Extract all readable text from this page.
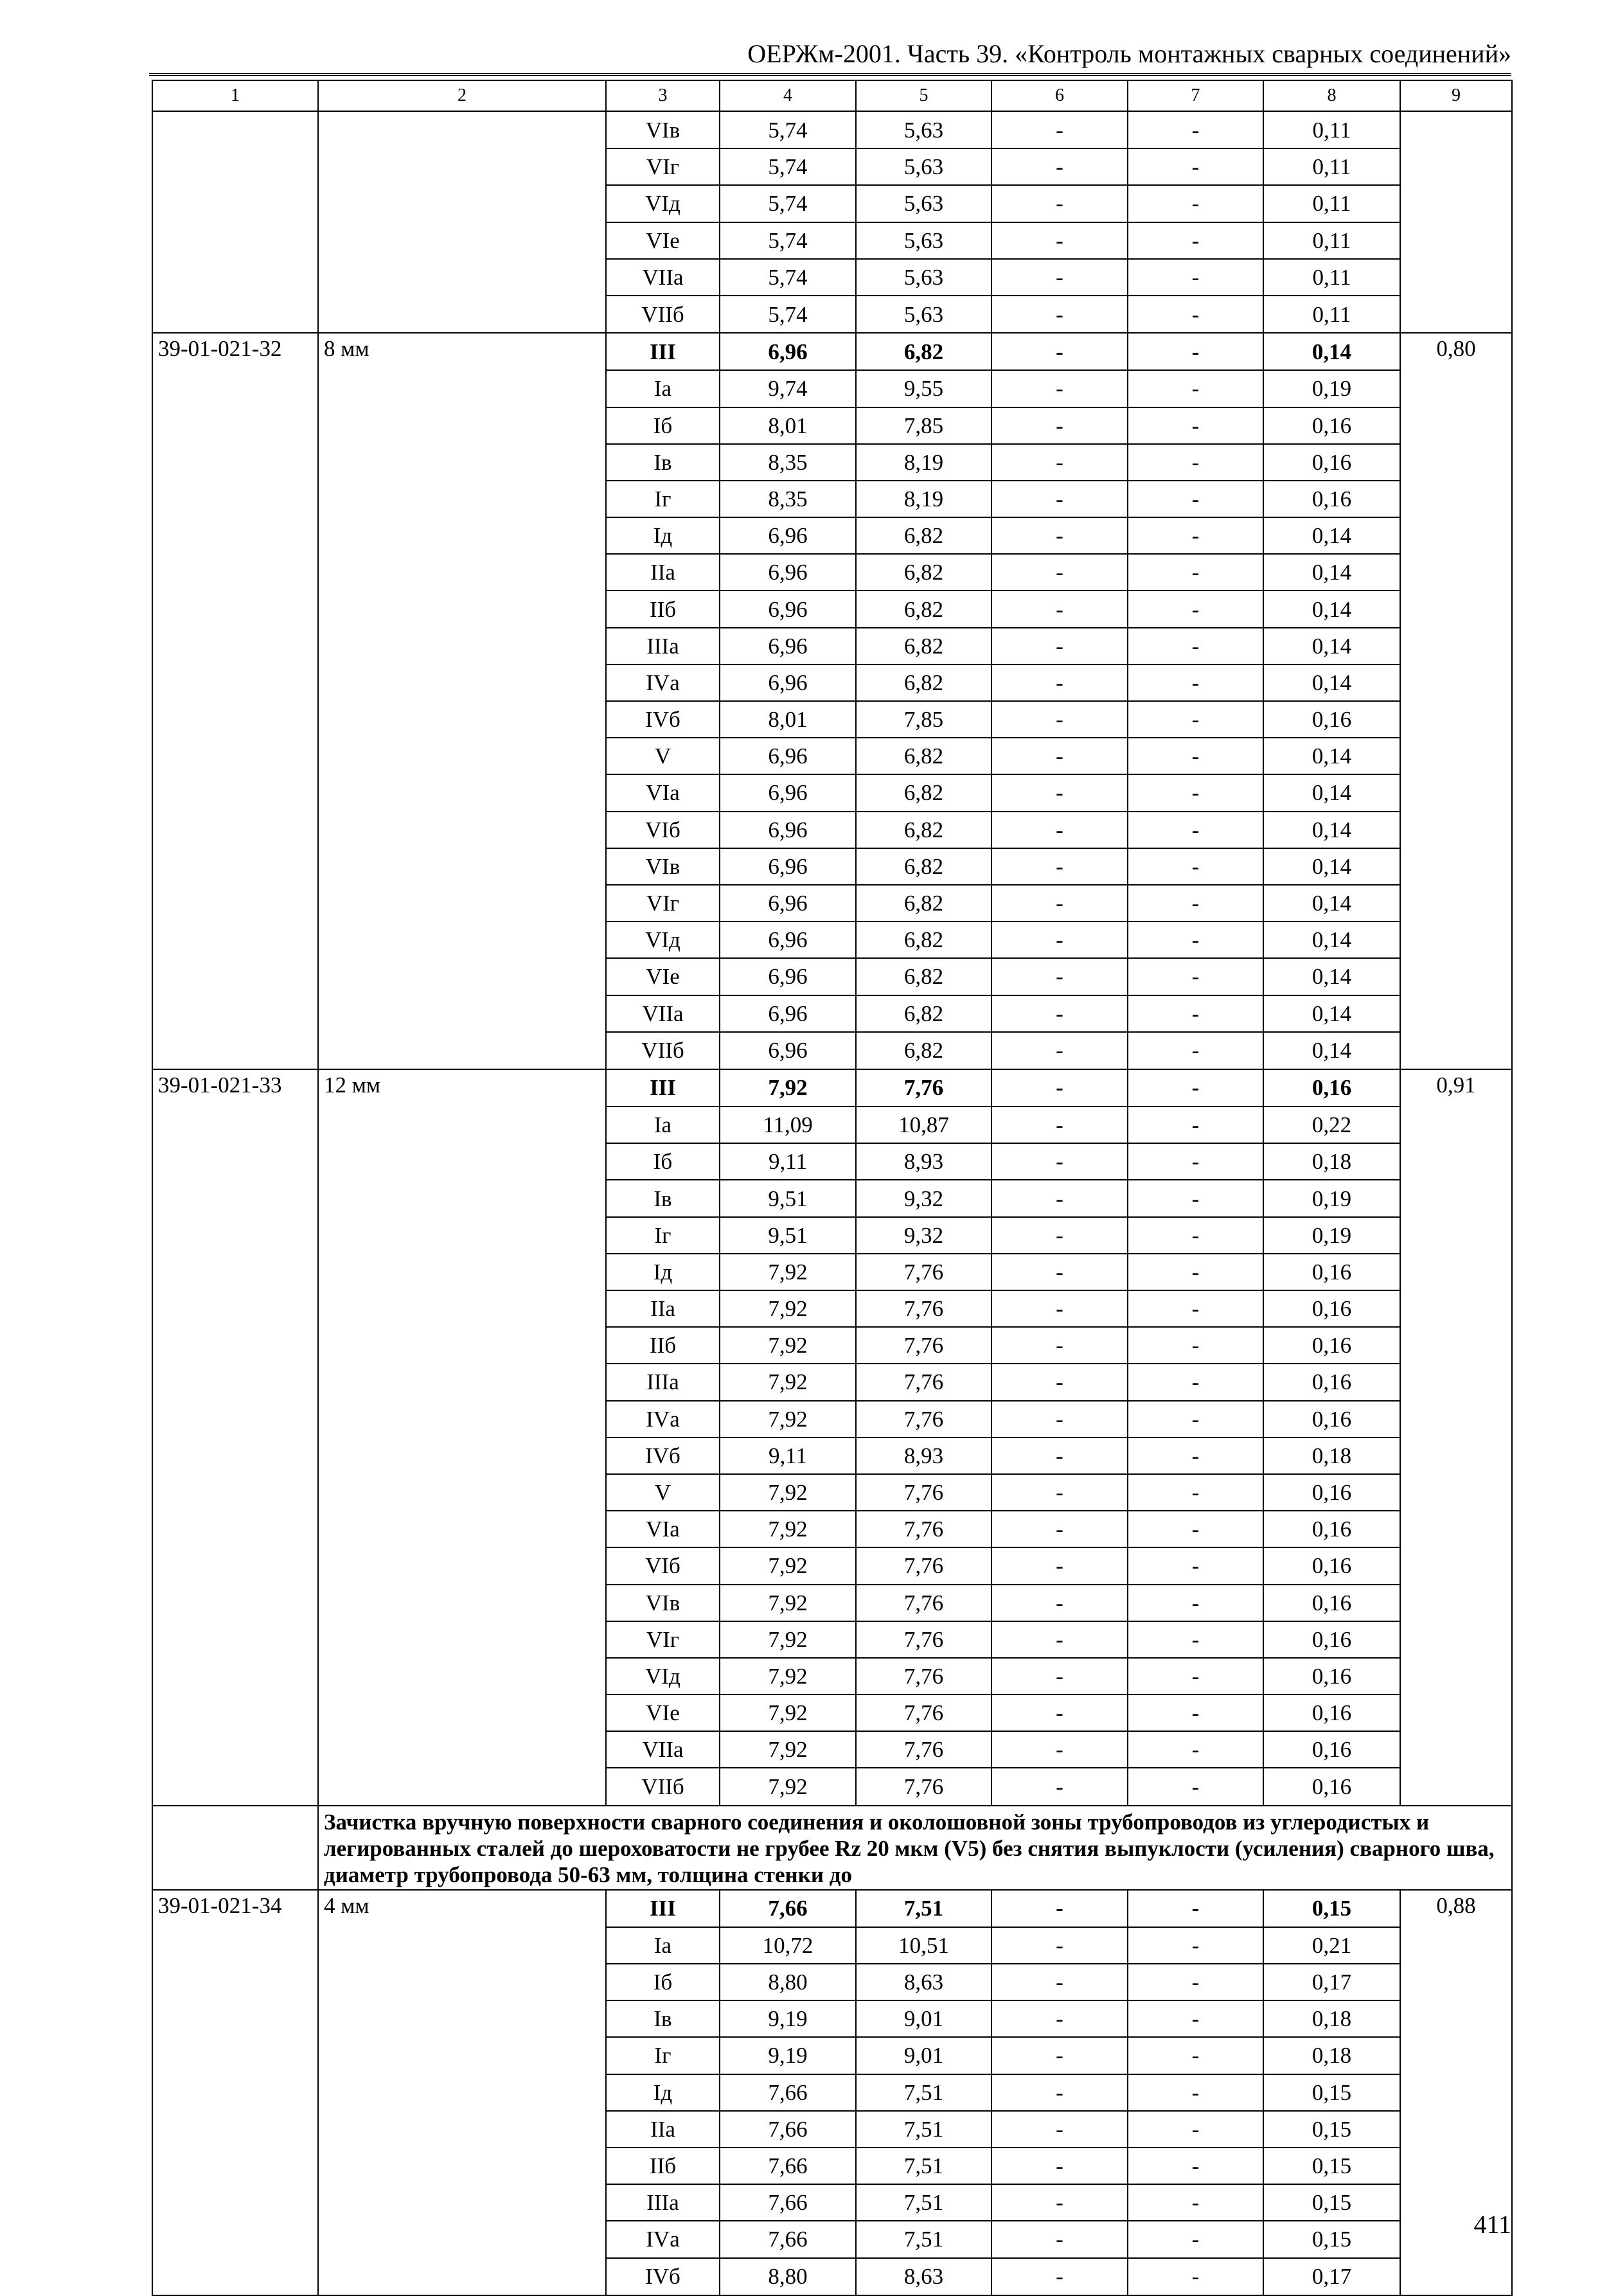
ОЕРЖм-2001. Часть 39. «Контроль монтажных сварных соединений»
1	2	3	4	5	6	7	8	9
		VIв	5,74	5,63	-	-	0,11	
		VIг	5,74	5,63	-	-	0,11	
		VIд	5,74	5,63	-	-	0,11	
		VIе	5,74	5,63	-	-	0,11	
		VIIа	5,74	5,63	-	-	0,11	
		VIIб	5,74	5,63	-	-	0,11	
39-01-021-32	8 мм	III	6,96	6,82	-	-	0,14	0,80
		Iа	9,74	9,55	-	-	0,19	
		Iб	8,01	7,85	-	-	0,16	
		Iв	8,35	8,19	-	-	0,16	
		Iг	8,35	8,19	-	-	0,16	
		Iд	6,96	6,82	-	-	0,14	
		IIа	6,96	6,82	-	-	0,14	
		IIб	6,96	6,82	-	-	0,14	
		IIIа	6,96	6,82	-	-	0,14	
		IVа	6,96	6,82	-	-	0,14	
		IVб	8,01	7,85	-	-	0,16	
		V	6,96	6,82	-	-	0,14	
		VIа	6,96	6,82	-	-	0,14	
		VIб	6,96	6,82	-	-	0,14	
		VIв	6,96	6,82	-	-	0,14	
		VIг	6,96	6,82	-	-	0,14	
		VIд	6,96	6,82	-	-	0,14	
		VIе	6,96	6,82	-	-	0,14	
		VIIа	6,96	6,82	-	-	0,14	
		VIIб	6,96	6,82	-	-	0,14	
39-01-021-33	12 мм	III	7,92	7,76	-	-	0,16	0,91
		Iа	11,09	10,87	-	-	0,22	
		Iб	9,11	8,93	-	-	0,18	
		Iв	9,51	9,32	-	-	0,19	
		Iг	9,51	9,32	-	-	0,19	
		Iд	7,92	7,76	-	-	0,16	
		IIа	7,92	7,76	-	-	0,16	
		IIб	7,92	7,76	-	-	0,16	
		IIIа	7,92	7,76	-	-	0,16	
		IVа	7,92	7,76	-	-	0,16	
		IVб	9,11	8,93	-	-	0,18	
		V	7,92	7,76	-	-	0,16	
		VIа	7,92	7,76	-	-	0,16	
		VIб	7,92	7,76	-	-	0,16	
		VIв	7,92	7,76	-	-	0,16	
		VIг	7,92	7,76	-	-	0,16	
		VIд	7,92	7,76	-	-	0,16	
		VIе	7,92	7,76	-	-	0,16	
		VIIа	7,92	7,76	-	-	0,16	
		VIIб	7,92	7,76	-	-	0,16	
	Зачистка вручную поверхности сварного соединения и околошовной зоны трубопроводов из углеродистых и легированных сталей до шероховатости не грубее Rz 20 мкм (V5) без снятия выпуклости (усиления) сварного шва, диаметр трубопровода 50-63 мм, толщина стенки до							
39-01-021-34	4 мм	III	7,66	7,51	-	-	0,15	0,88
		Iа	10,72	10,51	-	-	0,21	
		Iб	8,80	8,63	-	-	0,17	
		Iв	9,19	9,01	-	-	0,18	
		Iг	9,19	9,01	-	-	0,18	
		Iд	7,66	7,51	-	-	0,15	
		IIа	7,66	7,51	-	-	0,15	
		IIб	7,66	7,51	-	-	0,15	
		IIIа	7,66	7,51	-	-	0,15	
		IVа	7,66	7,51	-	-	0,15	
		IVб	8,80	8,63	-	-	0,17	
411
